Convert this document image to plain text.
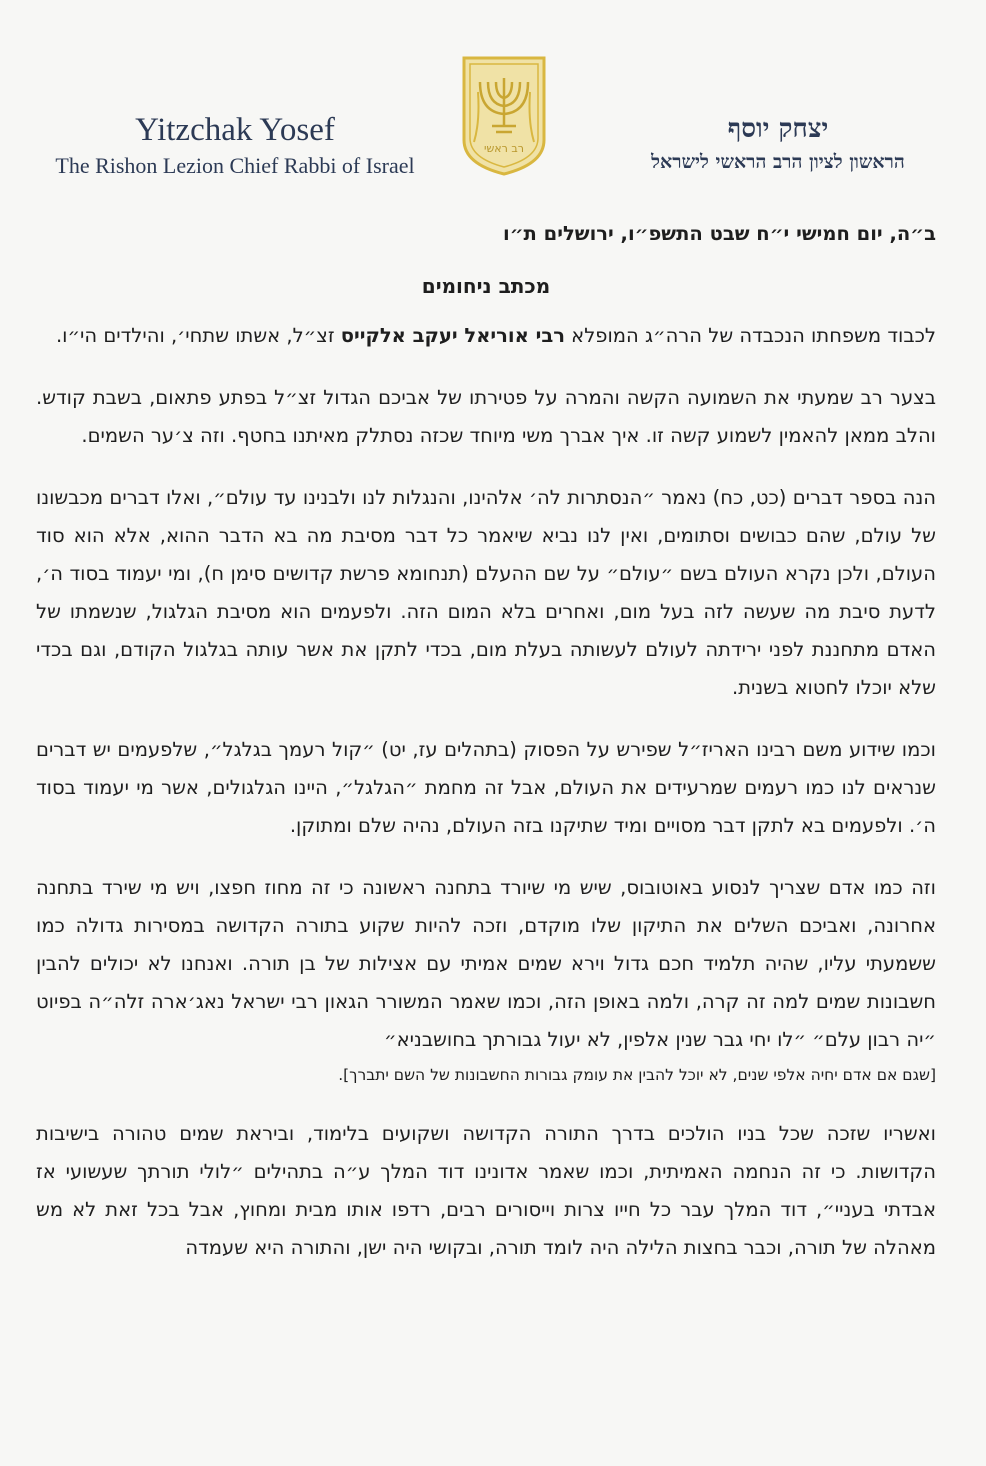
Yitzchak Yosef
The Rishon Lezion Chief Rabbi of Israel
רב ראשי
יצחק יוסף
הראשון לציון הרב הראשי לישראל
ב״ה, יום חמישי י״ח שבט התשפ״ו, ירושלים ת״ו
מכתב ניחומים

לכבוד משפחתו הנכבדה של הרה״ג המופלא רבי אוריאל יעקב אלקייס זצ״ל, אשתו שתחי׳, והילדים הי״ו.

בצער רב שמעתי את השמועה הקשה והמרה על פטירתו של אביכם הגדול זצ״ל בפתע פתאום, בשבת קודש. והלב ממאן להאמין לשמוע קשה זו. איך אברך משי מיוחד שכזה נסתלק מאיתנו בחטף. וזה צ׳ער השמים.

הנה בספר דברים (כט, כח) נאמר ״הנסתרות לה׳ אלהינו, והנגלות לנו ולבנינו עד עולם״, ואלו דברים מכבשונו של עולם, שהם כבושים וסתומים, ואין לנו נביא שיאמר כל דבר מסיבת מה בא הדבר ההוא, אלא הוא סוד העולם, ולכן נקרא העולם בשם ״עולם״ על שם ההעלם (תנחומא פרשת קדושים סימן ח), ומי יעמוד בסוד ה׳, לדעת סיבת מה שעשה לזה בעל מום, ואחרים בלא המום הזה. ולפעמים הוא מסיבת הגלגול, שנשמתו של האדם מתחננת לפני ירידתה לעולם לעשותה בעלת מום, בכדי לתקן את אשר עותה בגלגול הקודם, וגם בכדי שלא יוכלו לחטוא בשנית.

וכמו שידוע משם רבינו האריז״ל שפירש על הפסוק (בתהלים עז, יט) ״קול רעמך בגלגל״, שלפעמים יש דברים שנראים לנו כמו רעמים שמרעידים את העולם, אבל זה מחמת ״הגלגל״, היינו הגלגולים, אשר מי יעמוד בסוד ה׳. ולפעמים בא לתקן דבר מסויים ומיד שתיקנו בזה העולם, נהיה שלם ומתוקן.

וזה כמו אדם שצריך לנסוע באוטובוס, שיש מי שיורד בתחנה ראשונה כי זה מחוז חפצו, ויש מי שירד בתחנה אחרונה, ואביכם השלים את התיקון שלו מוקדם, וזכה להיות שקוע בתורה הקדושה במסירות גדולה כמו ששמעתי עליו, שהיה תלמיד חכם גדול וירא שמים אמיתי עם אצילות של בן תורה. ואנחנו לא יכולים להבין חשבונות שמים למה זה קרה, ולמה באופן הזה, וכמו שאמר המשורר הגאון רבי ישראל נאג׳ארה זלה״ה בפיוט ״יה רבון עלם״ ״לו יחי גבר שנין אלפין, לא יעול גבורתך בחושבניא״

[שגם אם אדם יחיה אלפי שנים, לא יוכל להבין את עומק גבורות החשבונות של השם יתברך].

ואשריו שזכה שכל בניו הולכים בדרך התורה הקדושה ושקועים בלימוד, וביראת שמים טהורה בישיבות הקדושות. כי זה הנחמה האמיתית, וכמו שאמר אדונינו דוד המלך ע״ה בתהילים ״לולי תורתך שעשועי אז אבדתי בעניי״, דוד המלך עבר כל חייו צרות וייסורים רבים, רדפו אותו מבית ומחוץ, אבל בכל זאת לא מש מאהלה של תורה, וכבר בחצות הלילה היה לומד תורה, ובקושי היה ישן, והתורה היא שעמדה
